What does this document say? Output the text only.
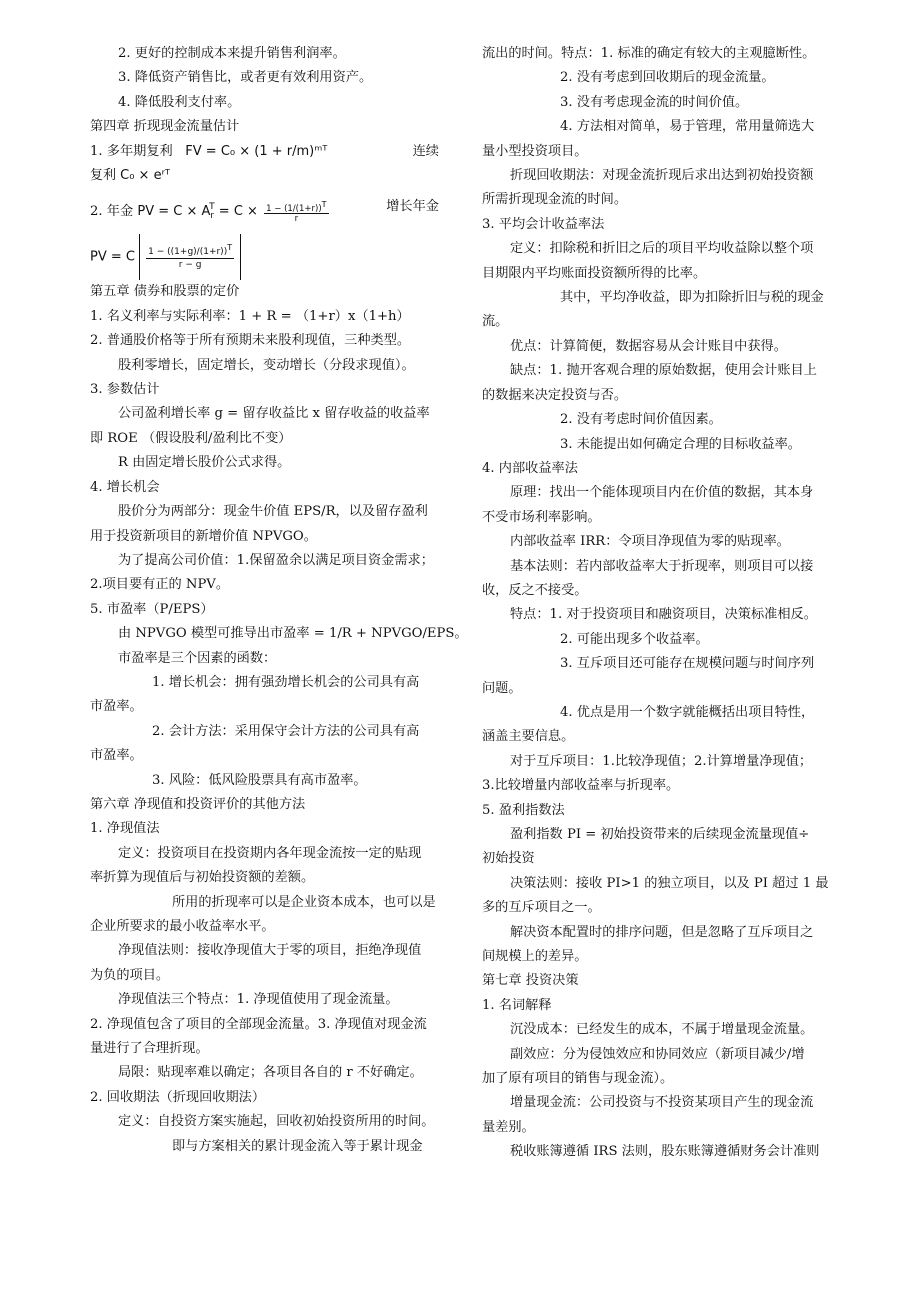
2. 更好的控制成本来提升销售利润率。
3. 降低资产销售比，或者更有效利用资产。
4. 降低股利支付率。
第四章 折现现金流量估计
1. 多年期复利 FV = C₀ × (1 + r/m)ᵐᵀ	连续
复利 C₀ × eʳᵀ
2. 年金 PV = $C \times A_r^T = C \times \frac{1 - (1/(1+r))^T}{r}$	增长年金
PV = C $\frac{1 - ((1+g)/(1+r))^T}{r - g}$
第五章 债券和股票的定价
1. 名义利率与实际利率：1 + R = （1+r）x（1+h）
2. 普通股价格等于所有预期未来股利现值，三种类型。
股利零增长，固定增长，变动增长（分段求现值）。
3. 参数估计
公司盈利增长率 g = 留存收益比 x 留存收益的收益率
即 ROE （假设股利/盈利比不变）
R 由固定增长股价公式求得。
4. 增长机会
股价分为两部分：现金牛价值 EPS/R，以及留存盈利
用于投资新项目的新增价值 NPVGO。
为了提高公司价值：1.保留盈余以满足项目资金需求；
2.项目要有正的 NPV。
5. 市盈率（P/EPS）
由 NPVGO 模型可推导出市盈率 = 1/R + NPVGO/EPS。
市盈率是三个因素的函数：
1. 增长机会：拥有强劲增长机会的公司具有高
市盈率。
2. 会计方法：采用保守会计方法的公司具有高
市盈率。
3. 风险：低风险股票具有高市盈率。
第六章 净现值和投资评价的其他方法
1. 净现值法
定义：投资项目在投资期内各年现金流按一定的贴现
率折算为现值后与初始投资额的差额。
所用的折现率可以是企业资本成本，也可以是
企业所要求的最小收益率水平。
净现值法则：接收净现值大于零的项目，拒绝净现值
为负的项目。
净现值法三个特点：1. 净现值使用了现金流量。
2. 净现值包含了项目的全部现金流量。3. 净现值对现金流
量进行了合理折现。
局限：贴现率难以确定；各项目各自的 r 不好确定。
2. 回收期法（折现回收期法）
定义：自投资方案实施起，回收初始投资所用的时间。
即与方案相关的累计现金流入等于累计现金
流出的时间。特点：1. 标准的确定有较大的主观臆断性。
2. 没有考虑到回收期后的现金流量。
3. 没有考虑现金流的时间价值。
4. 方法相对简单，易于管理，常用量筛选大
量小型投资项目。
折现回收期法：对现金流折现后求出达到初始投资额
所需折现现金流的时间。
3. 平均会计收益率法
定义：扣除税和折旧之后的项目平均收益除以整个项
目期限内平均账面投资额所得的比率。
其中，平均净收益，即为扣除折旧与税的现金
流。
优点：计算简便，数据容易从会计账目中获得。
缺点：1. 抛开客观合理的原始数据，使用会计账目上
的数据来决定投资与否。
2. 没有考虑时间价值因素。
3. 未能提出如何确定合理的目标收益率。
4. 内部收益率法
原理：找出一个能体现项目内在价值的数据，其本身
不受市场利率影响。
内部收益率 IRR：令项目净现值为零的贴现率。
基本法则：若内部收益率大于折现率，则项目可以接
收，反之不接受。
特点：1. 对于投资项目和融资项目，决策标准相反。
2. 可能出现多个收益率。
3. 互斥项目还可能存在规模问题与时间序列
问题。
4. 优点是用一个数字就能概括出项目特性，
涵盖主要信息。
对于互斥项目：1.比较净现值；2.计算增量净现值；
3.比较增量内部收益率与折现率。
5. 盈利指数法
盈利指数 PI = 初始投资带来的后续现金流量现值÷
初始投资
决策法则：接收 PI>1 的独立项目，以及 PI 超过 1 最
多的互斥项目之一。
解决资本配置时的排序问题，但是忽略了互斥项目之
间规模上的差异。
第七章 投资决策
1. 名词解释
沉没成本：已经发生的成本，不属于增量现金流量。
副效应：分为侵蚀效应和协同效应（新项目减少/增
加了原有项目的销售与现金流）。
增量现金流：公司投资与不投资某项目产生的现金流
量差别。
税收账簿遵循 IRS 法则，股东账簿遵循财务会计准则
